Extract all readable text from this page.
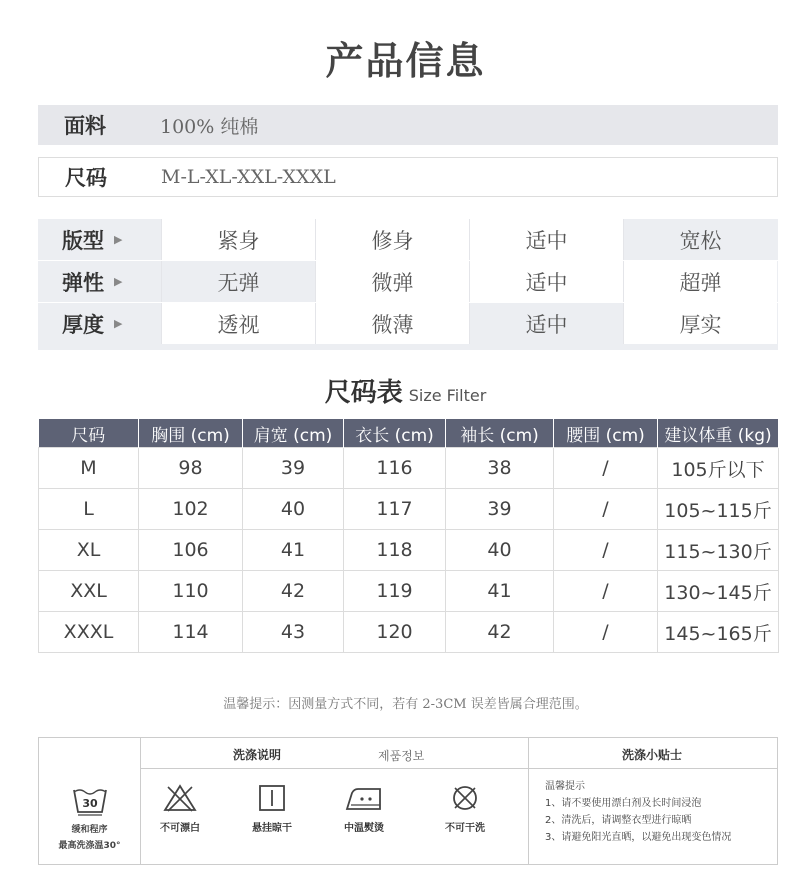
产品信息
面料	100% 纯棉
尺码	M-L-XL-XXL-XXXL
版型 ▶	紧身	修身	适中	宽松
弹性 ▶	无弹	微弹	适中	超弹
厚度 ▶	透视	微薄	适中	厚实
尺码表 Size Filter
尺码	胸围 (cm)	肩宽 (cm)	衣长 (cm)	袖长 (cm)	腰围 (cm)	建议体重 (kg)
M	98	39	116	38	/	105斤以下
L	102	40	117	39	/	105~115斤
XL	106	41	118	40	/	115~130斤
XXL	110	42	119	41	/	130~145斤
XXXL	114	43	120	42	/	145~165斤
温馨提示：因测量方式不同，若有 2-3CM 误差皆属合理范围。
30
缓和程序
最高洗涤温30°
洗涤说明	제품정보
不可漂白	悬挂晾干	中温熨烫	不可干洗
洗涤小贴士
温馨提示
1、请不要使用漂白剂及长时间浸泡
2、清洗后，请调整衣型进行晾晒
3、请避免阳光直晒，以避免出现变色情况
